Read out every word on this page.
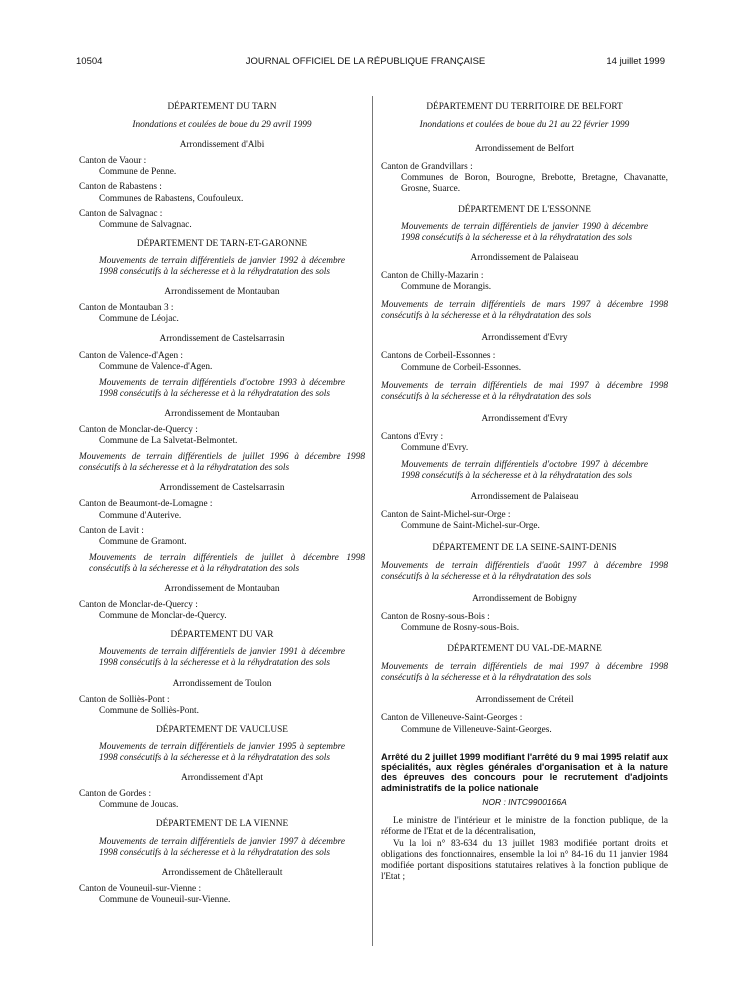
10504	JOURNAL OFFICIEL DE LA RÉPUBLIQUE FRANÇAISE	14 juillet 1999
DÉPARTEMENT DU TARN
Inondations et coulées de boue du 29 avril 1999
Arrondissement d'Albi
Canton de Vaour :
Commune de Penne.
Canton de Rabastens :
Communes de Rabastens, Coufouleux.
Canton de Salvagnac :
Commune de Salvagnac.
DÉPARTEMENT DE TARN-ET-GARONNE
Mouvements de terrain différentiels de janvier 1992 à décembre 1998 consécutifs à la sécheresse et à la réhydratation des sols
Arrondissement de Montauban
Canton de Montauban 3 :
Commune de Léojac.
Arrondissement de Castelsarrasin
Canton de Valence-d'Agen :
Commune de Valence-d'Agen.
Mouvements de terrain différentiels d'octobre 1993 à décembre 1998 consécutifs à la sécheresse et à la réhydratation des sols
Arrondissement de Montauban
Canton de Monclar-de-Quercy :
Commune de La Salvetat-Belmontet.
Mouvements de terrain différentiels de juillet 1996 à décembre 1998 consécutifs à la sécheresse et à la réhydratation des sols
Arrondissement de Castelsarrasin
Canton de Beaumont-de-Lomagne :
Commune d'Auterive.
Canton de Lavit :
Commune de Gramont.
Mouvements de terrain différentiels de juillet à décembre 1998 consécutifs à la sécheresse et à la réhydratation des sols
Arrondissement de Montauban
Canton de Monclar-de-Quercy :
Commune de Monclar-de-Quercy.
DÉPARTEMENT DU VAR
Mouvements de terrain différentiels de janvier 1991 à décembre 1998 consécutifs à la sécheresse et à la réhydratation des sols
Arrondissement de Toulon
Canton de Solliès-Pont :
Commune de Solliès-Pont.
DÉPARTEMENT DE VAUCLUSE
Mouvements de terrain différentiels de janvier 1995 à septembre 1998 consécutifs à la sécheresse et à la réhydratation des sols
Arrondissement d'Apt
Canton de Gordes :
Commune de Joucas.
DÉPARTEMENT DE LA VIENNE
Mouvements de terrain différentiels de janvier 1997 à décembre 1998 consécutifs à la sécheresse et à la réhydratation des sols
Arrondissement de Châtellerault
Canton de Vouneuil-sur-Vienne :
Commune de Vouneuil-sur-Vienne.
DÉPARTEMENT DU TERRITOIRE DE BELFORT
Inondations et coulées de boue du 21 au 22 février 1999
Arrondissement de Belfort
Canton de Grandvillars :
Communes de Boron, Bourogne, Brebotte, Bretagne, Chavanatte, Grosne, Suarce.
DÉPARTEMENT DE L'ESSONNE
Mouvements de terrain différentiels de janvier 1990 à décembre 1998 consécutifs à la sécheresse et à la réhydratation des sols
Arrondissement de Palaiseau
Canton de Chilly-Mazarin :
Commune de Morangis.
Mouvements de terrain différentiels de mars 1997 à décembre 1998 consécutifs à la sécheresse et à la réhydratation des sols
Arrondissement d'Evry
Cantons de Corbeil-Essonnes :
Commune de Corbeil-Essonnes.
Mouvements de terrain différentiels de mai 1997 à décembre 1998 consécutifs à la sécheresse et à la réhydratation des sols
Arrondissement d'Evry
Cantons d'Evry :
Commune d'Evry.
Mouvements de terrain différentiels d'octobre 1997 à décembre 1998 consécutifs à la sécheresse et à la réhydratation des sols
Arrondissement de Palaiseau
Canton de Saint-Michel-sur-Orge :
Commune de Saint-Michel-sur-Orge.
DÉPARTEMENT DE LA SEINE-SAINT-DENIS
Mouvements de terrain différentiels d'août 1997 à décembre 1998 consécutifs à la sécheresse et à la réhydratation des sols
Arrondissement de Bobigny
Canton de Rosny-sous-Bois :
Commune de Rosny-sous-Bois.
DÉPARTEMENT DU VAL-DE-MARNE
Mouvements de terrain différentiels de mai 1997 à décembre 1998 consécutifs à la sécheresse et à la réhydratation des sols
Arrondissement de Créteil
Canton de Villeneuve-Saint-Georges :
Commune de Villeneuve-Saint-Georges.
Arrêté du 2 juillet 1999 modifiant l'arrêté du 9 mai 1995 relatif aux spécialités, aux règles générales d'organisation et à la nature des épreuves des concours pour le recrutement d'adjoints administratifs de la police nationale
NOR : INTC9900166A
Le ministre de l'intérieur et le ministre de la fonction publique, de la réforme de l'Etat et de la décentralisation,
Vu la loi n° 83-634 du 13 juillet 1983 modifiée portant droits et obligations des fonctionnaires, ensemble la loi n° 84-16 du 11 janvier 1984 modifiée portant dispositions statutaires relatives à la fonction publique de l'Etat ;
